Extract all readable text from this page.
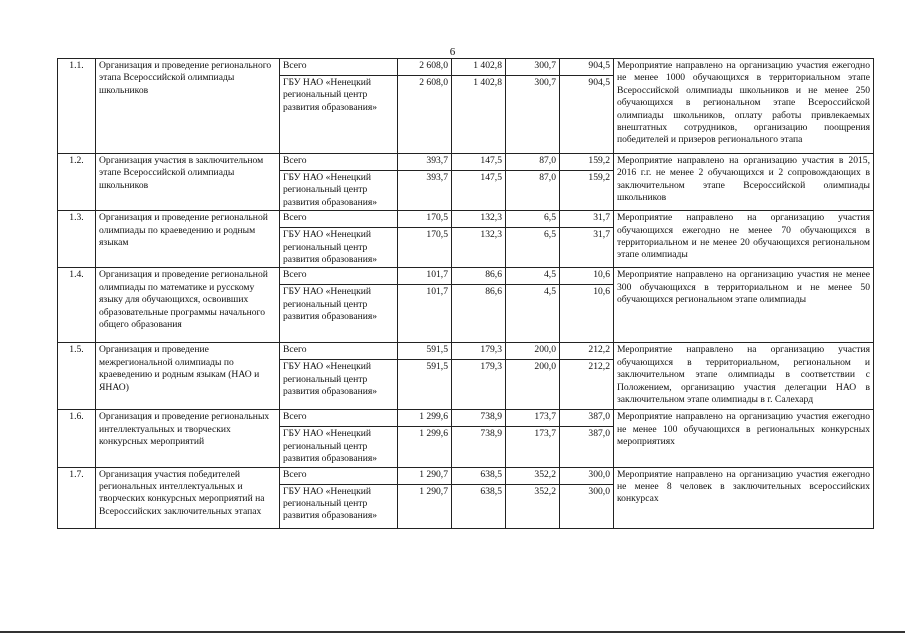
6
1.1.	Организация и проведение регионального этапа Всероссийской олимпиады школьников	Всего	2 608,0	1 402,8	300,7	904,5	Мероприятие направлено на организацию участия ежегодно не менее 1000 обучающихся в территориальном этапе Всероссийской олимпиады школьников и не менее 250 обучающихся в региональном этапе Всероссийской олимпиады школьников, оплату работы привлекаемых внештатных сотрудников, организацию поощрения победителей и призеров регионального этапа
		ГБУ НАО «Ненецкий региональный центр развития образования»	2 608,0	1 402,8	300,7	904,5	
1.2.	Организация участия в заключительном этапе Всероссийской олимпиады школьников	Всего	393,7	147,5	87,0	159,2	Мероприятие направлено на организацию участия в 2015, 2016 г.г. не менее 2 обучающихся и 2 сопровождающих в заключительном этапе Всероссийской олимпиады школьников
		ГБУ НАО «Ненецкий региональный центр развития образования»	393,7	147,5	87,0	159,2	
1.3.	Организация и проведение региональной олимпиады по краеведению и родным языкам	Всего	170,5	132,3	6,5	31,7	Мероприятие направлено на организацию участия обучающихся ежегодно не менее 70 обучающихся в территориальном и не менее 20 обучающихся региональном этапе олимпиады
		ГБУ НАО «Ненецкий региональный центр развития образования»	170,5	132,3	6,5	31,7	
1.4.	Организация и проведение региональной олимпиады по математике и русскому языку для обучающихся, освоивших образовательные программы начального общего образования	Всего	101,7	86,6	4,5	10,6	Мероприятие направлено на организацию участия не менее 300 обучающихся в территориальном и не менее 50 обучающихся региональном этапе олимпиады
		ГБУ НАО «Ненецкий региональный центр развития образования»	101,7	86,6	4,5	10,6	
1.5.	Организация и проведение межрегиональной олимпиады по краеведению и родным языкам (НАО и ЯНАО)	Всего	591,5	179,3	200,0	212,2	Мероприятие направлено на организацию участия обучающихся в территориальном, региональном и заключительном этапе олимпиады в соответствии с Положением, организацию участия делегации НАО в заключительном этапе олимпиады в г. Салехард
		ГБУ НАО «Ненецкий региональный центр развития образования»	591,5	179,3	200,0	212,2	
1.6.	Организация и проведение региональных интеллектуальных и творческих конкурсных мероприятий	Всего	1 299,6	738,9	173,7	387,0	Мероприятие направлено на организацию участия ежегодно не менее 100 обучающихся в региональных конкурсных мероприятиях
		ГБУ НАО «Ненецкий региональный центр развития образования»	1 299,6	738,9	173,7	387,0	
1.7.	Организация участия победителей региональных интеллектуальных и творческих конкурсных мероприятий на Всероссийских заключительных этапах	Всего	1 290,7	638,5	352,2	300,0	Мероприятие направлено на организацию участия ежегодно не менее 8 человек в заключительных всероссийских конкурсах
		ГБУ НАО «Ненецкий региональный центр развития образования»	1 290,7	638,5	352,2	300,0	
